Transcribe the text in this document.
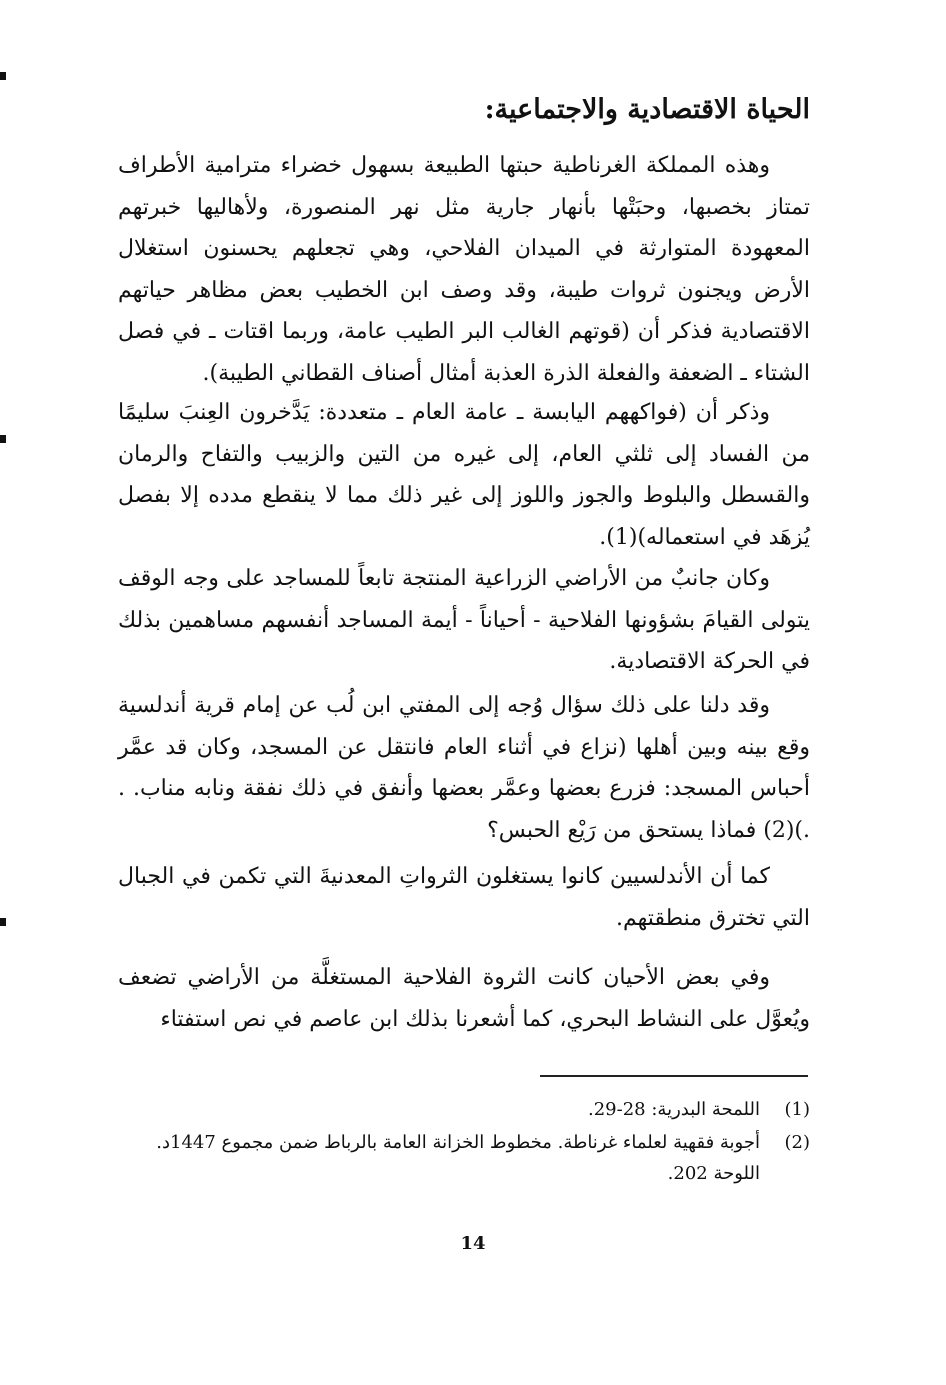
الحياة الاقتصادية والاجتماعية:

وهذه المملكة الغرناطية حبتها الطبيعة بسهول خضراء مترامية الأطراف تمتاز بخصبها، وحبَتْها بأنهار جارية مثل نهر المنصورة، ولأهاليها خبرتهم المعهودة المتوارثة في الميدان الفلاحي، وهي تجعلهم يحسنون استغلال الأرض ويجنون ثروات طيبة، وقد وصف ابن الخطيب بعض مظاهر حياتهم الاقتصادية فذكر أن (قوتهم الغالب البر الطيب عامة، وربما اقتات ـ في فصل الشتاء ـ الضعفة والفعلة الذرة العذبة أمثال أصناف القطاني الطيبة).

وذكر أن (فواكههم اليابسة ـ عامة العام ـ متعددة: يَدَّخرون العِنبَ سليمًا من الفساد إلى ثلثي العام، إلى غيره من التين والزبيب والتفاح والرمان والقسطل والبلوط والجوز واللوز إلى غير ذلك مما لا ينقطع مدده إلا بفصل يُزهَد في استعماله)(1).

وكان جانبٌ من الأراضي الزراعية المنتجة تابعاً للمساجد على وجه الوقف يتولى القيامَ بشؤونها الفلاحية - أحياناً - أيمة المساجد أنفسهم مساهمين بذلك في الحركة الاقتصادية.

وقد دلنا على ذلك سؤال وُجه إلى المفتي ابن لُب عن إمام قرية أندلسية وقع بينه وبين أهلها (نزاع في أثناء العام فانتقل عن المسجد، وكان قد عمَّر أحباس المسجد: فزرع بعضها وعمَّر بعضها وأنفق في ذلك نفقة ونابه مناب. . .)(2) فماذا يستحق من رَيْع الحبس؟

كما أن الأندلسيين كانوا يستغلون الثرواتِ المعدنيةَ التي تكمن في الجبال التي تخترق منطقتهم.

وفي بعض الأحيان كانت الثروة الفلاحية المستغلَّة من الأراضي تضعف ويُعوَّل على النشاط البحري، كما أشعرنا بذلك ابن عاصم في نص استفتاء

(1)
اللمحة البدرية: 28-29.
(2)
أجوبة فقهية لعلماء غرناطة. مخطوط الخزانة العامة بالرباط ضمن مجموع 1447د. اللوحة 202.
14
